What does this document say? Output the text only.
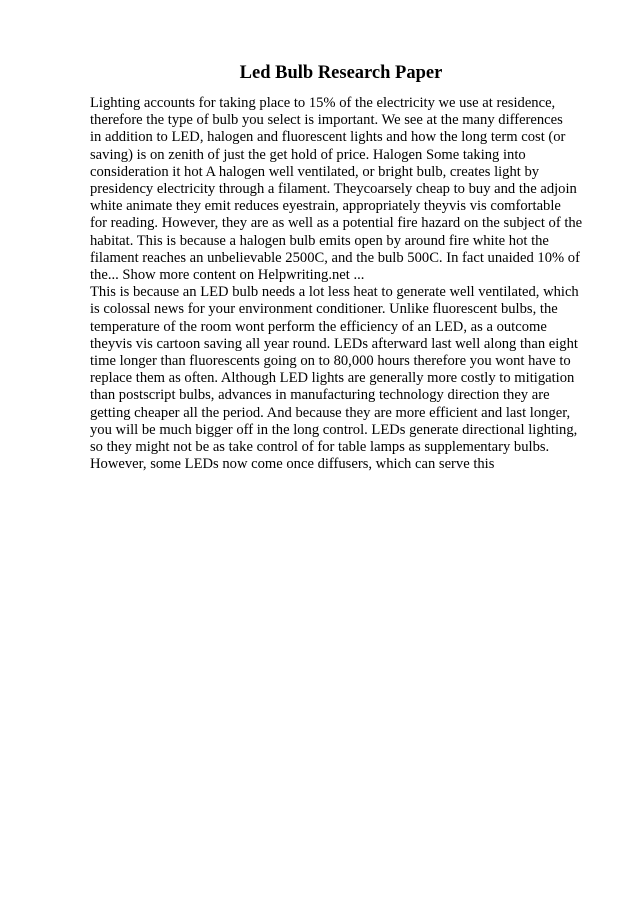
Led Bulb Research Paper
Lighting accounts for taking place to 15% of the electricity we use at residence,
therefore the type of bulb you select is important. We see at the many differences
in addition to LED, halogen and fluorescent lights and how the long term cost (or
saving) is on zenith of just the get hold of price. Halogen Some taking into
consideration it hot A halogen well ventilated, or bright bulb, creates light by
presidency electricity through a filament. Theycoarsely cheap to buy and the adjoin
white animate they emit reduces eyestrain, appropriately theyvis vis comfortable
for reading. However, they are as well as a potential fire hazard on the subject of the
habitat. This is because a halogen bulb emits open by around fire white hot the
filament reaches an unbelievable 2500C, and the bulb 500C. In fact unaided 10% of
the... Show more content on Helpwriting.net ...
This is because an LED bulb needs a lot less heat to generate well ventilated, which
is colossal news for your environment conditioner. Unlike fluorescent bulbs, the
temperature of the room wont perform the efficiency of an LED, as a outcome
theyvis vis cartoon saving all year round. LEDs afterward last well along than eight
time longer than fluorescents going on to 80,000 hours therefore you wont have to
replace them as often. Although LED lights are generally more costly to mitigation
than postscript bulbs, advances in manufacturing technology direction they are
getting cheaper all the period. And because they are more efficient and last longer,
you will be much bigger off in the long control. LEDs generate directional lighting,
so they might not be as take control of for table lamps as supplementary bulbs.
However, some LEDs now come once diffusers, which can serve this
